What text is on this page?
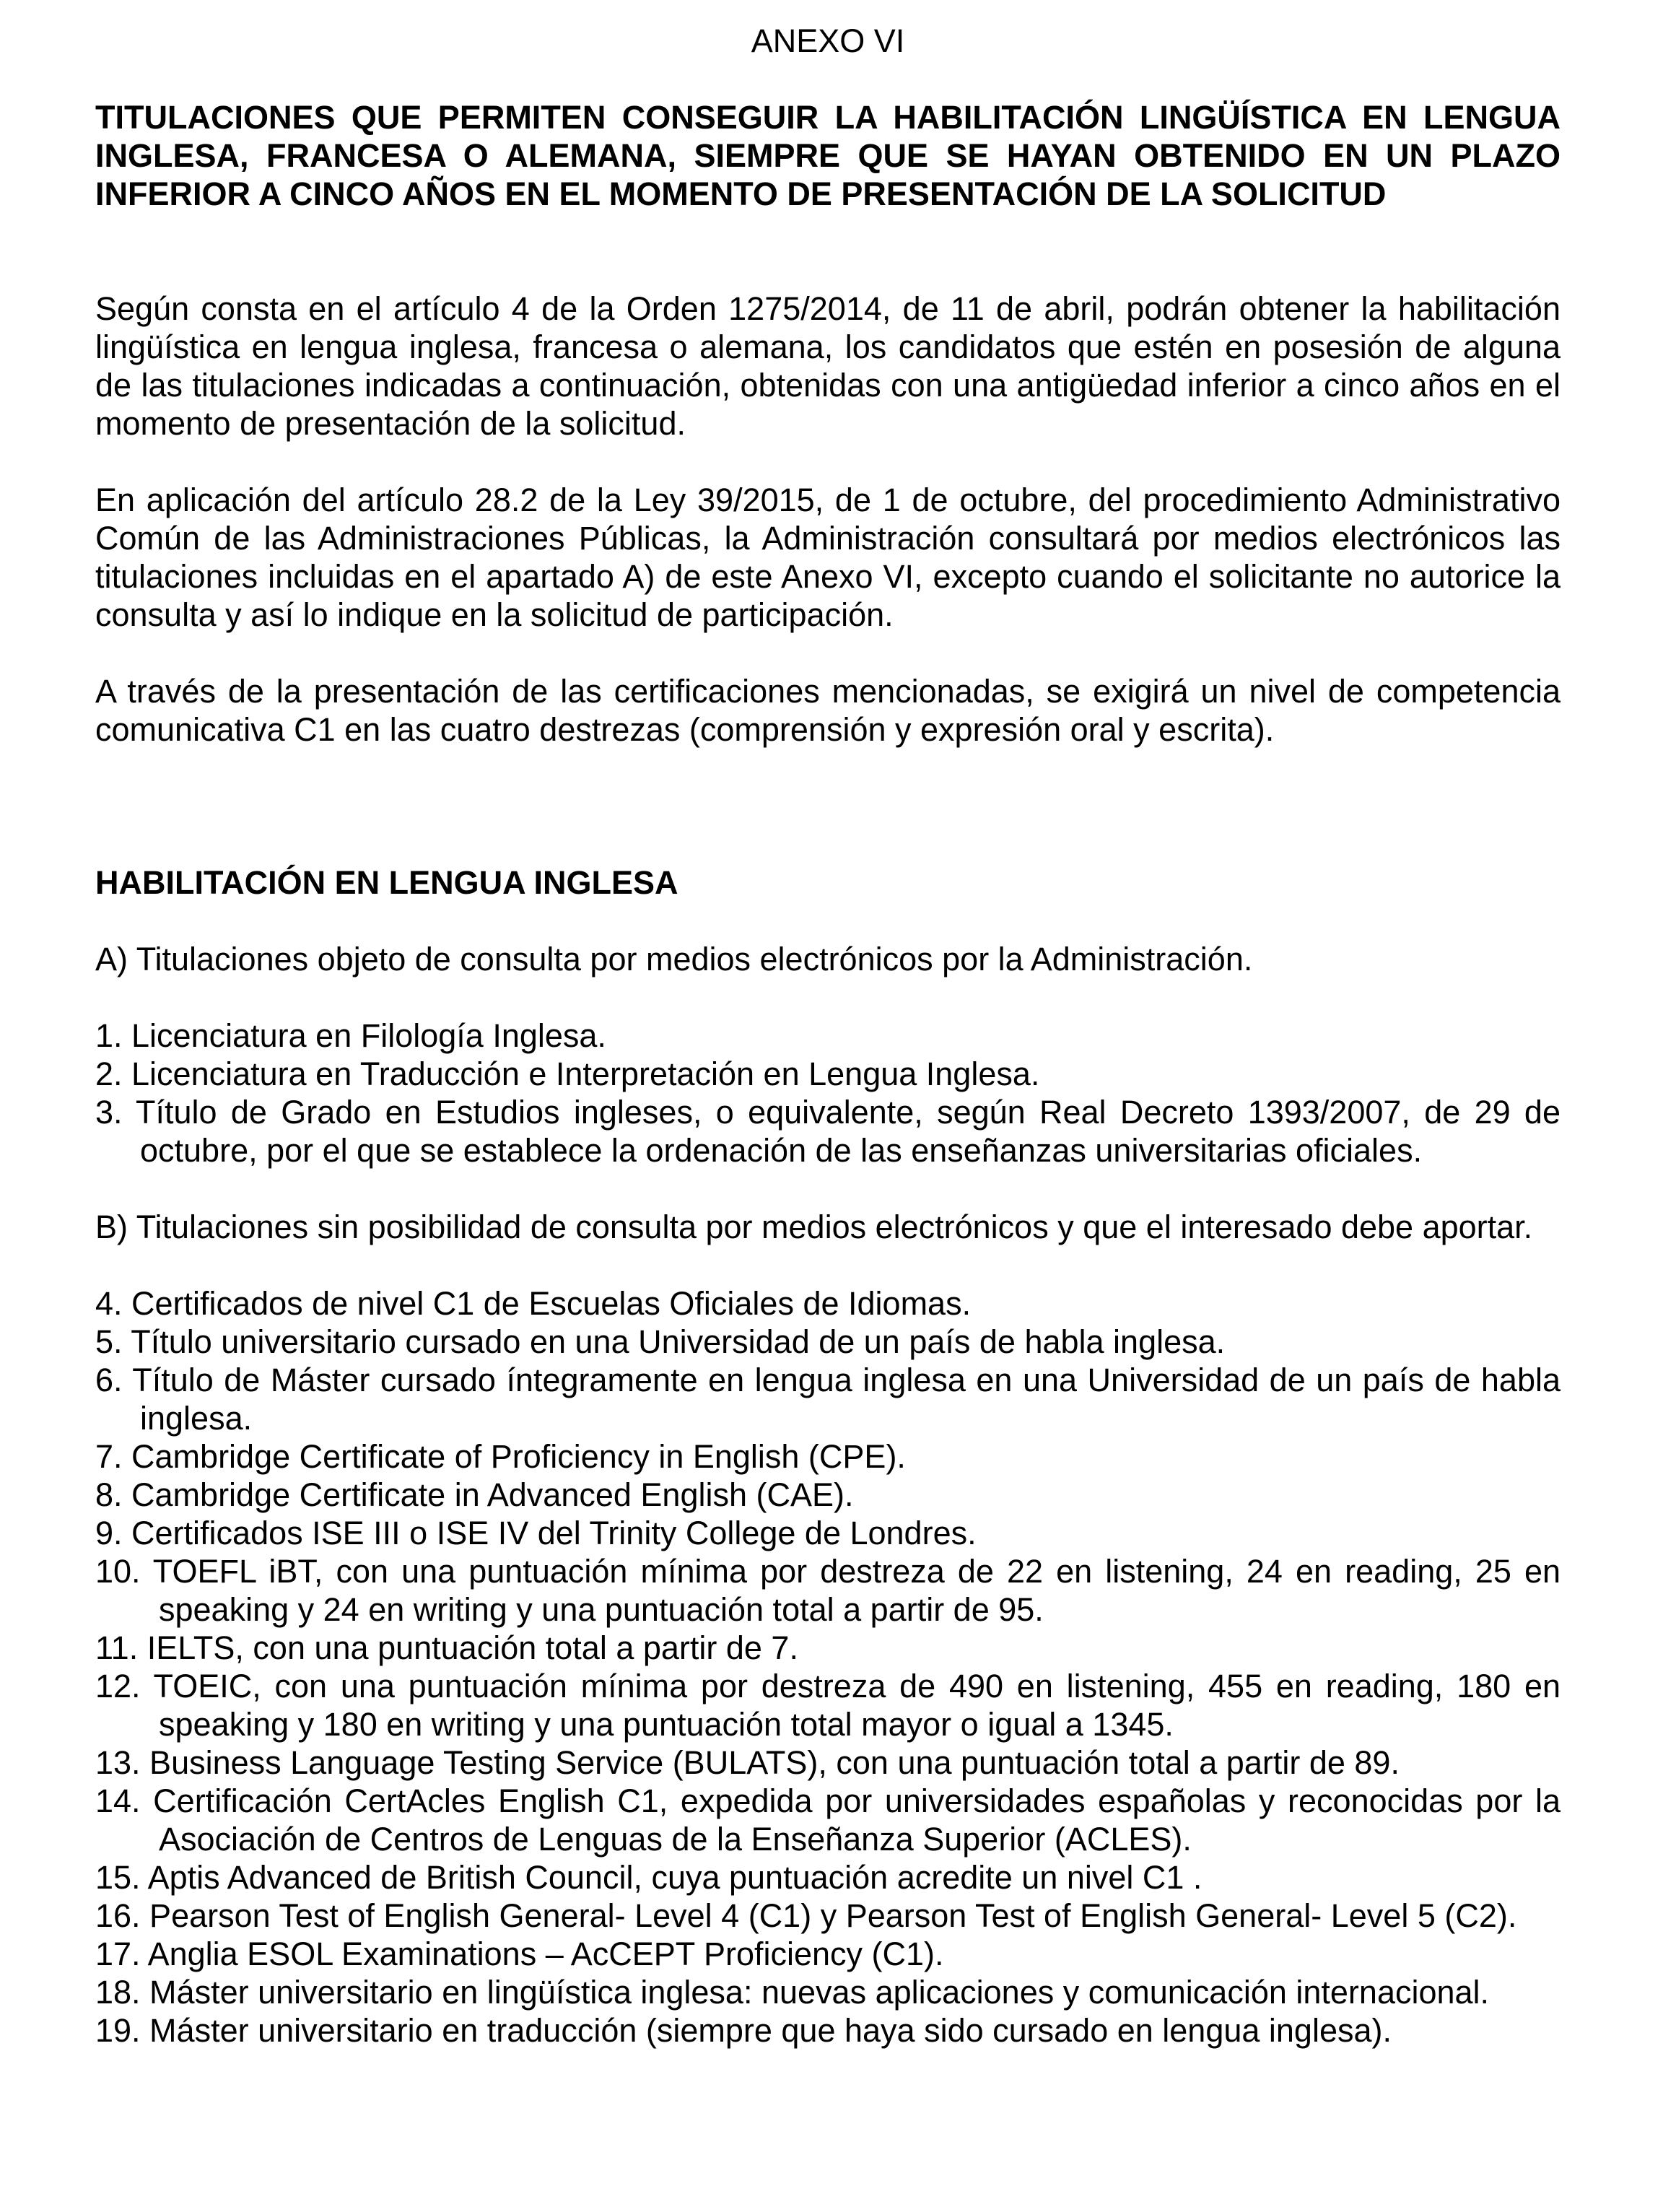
ANEXO VI
TITULACIONES QUE PERMITEN CONSEGUIR LA HABILITACIÓN LINGÜÍSTICA EN LENGUA INGLESA, FRANCESA O ALEMANA, SIEMPRE QUE SE HAYAN OBTENIDO EN UN PLAZO INFERIOR A CINCO AÑOS EN EL MOMENTO DE PRESENTACIÓN DE LA SOLICITUD

Según consta en el artículo 4 de la Orden 1275/2014, de 11 de abril, podrán obtener la habilitación lingüística en lengua inglesa, francesa o alemana, los candidatos que estén en posesión de alguna de las titulaciones indicadas a continuación, obtenidas con una antigüedad inferior a cinco años en el momento de presentación de la solicitud.

En aplicación del artículo 28.2 de la Ley 39/2015, de 1 de octubre, del procedimiento Administrativo Común de las Administraciones Públicas, la Administración consultará por medios electrónicos las titulaciones incluidas en el apartado A) de este Anexo VI, excepto cuando el solicitante no autorice la consulta y así lo indique en la solicitud de participación.

A través de la presentación de las certificaciones mencionadas, se exigirá un nivel de competencia comunicativa C1 en las cuatro destrezas (comprensión y expresión oral y escrita).

HABILITACIÓN EN LENGUA INGLESA
A) Titulaciones objeto de consulta por medios electrónicos por la Administración.
1. Licenciatura en Filología Inglesa.
2. Licenciatura en Traducción e Interpretación en Lengua Inglesa.
3. Título de Grado en Estudios ingleses, o equivalente, según Real Decreto 1393/2007, de 29 de octubre, por el que se establece la ordenación de las enseñanzas universitarias oficiales.
B) Titulaciones sin posibilidad de consulta por medios electrónicos y que el interesado debe aportar.
4. Certificados de nivel C1 de Escuelas Oficiales de Idiomas.
5. Título universitario cursado en una Universidad de un país de habla inglesa.
6. Título de Máster cursado íntegramente en lengua inglesa en una Universidad de un país de habla inglesa.
7. Cambridge Certificate of Proficiency in English (CPE).
8. Cambridge Certificate in Advanced English (CAE).
9. Certificados ISE III o ISE IV del Trinity College de Londres.
10. TOEFL iBT, con una puntuación mínima por destreza de 22 en listening, 24 en reading, 25 en speaking y 24 en writing y una puntuación total a partir de 95.
11. IELTS, con una puntuación total a partir de 7.
12. TOEIC, con una puntuación mínima por destreza de 490 en listening, 455 en reading, 180 en speaking y 180 en writing y una puntuación total mayor o igual a 1345.
13. Business Language Testing Service (BULATS), con una puntuación total a partir de 89.
14. Certificación CertAcles English C1, expedida por universidades españolas y reconocidas por la Asociación de Centros de Lenguas de la Enseñanza Superior (ACLES).
15. Aptis Advanced de British Council, cuya puntuación acredite un nivel C1 .
16. Pearson Test of English General- Level 4 (C1) y Pearson Test of English General- Level 5 (C2).
17. Anglia ESOL Examinations – AcCEPT Proficiency (C1).
18. Máster universitario en lingüística inglesa: nuevas aplicaciones y comunicación internacional.
19. Máster universitario en traducción (siempre que haya sido cursado en lengua inglesa).
